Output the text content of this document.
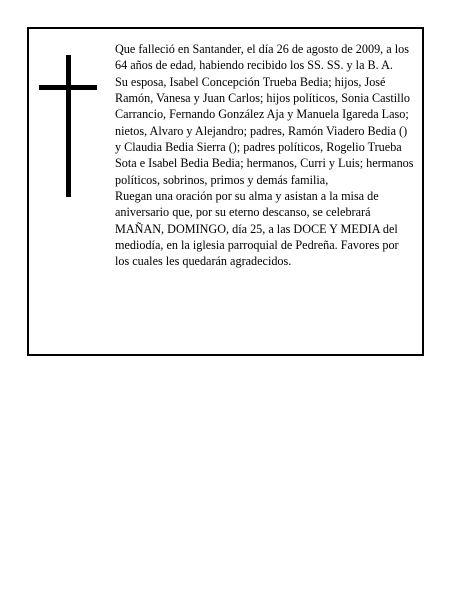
Que falleció en Santander, el día 26 de agosto de 2009, a los 64 años de edad, habiendo recibido los SS. SS. y la B. A.

Su esposa, Isabel Concepción Trueba Bedia; hijos, José Ramón, Vanesa y Juan Carlos; hijos políticos, Sonia Castillo Carrancio, Fernando González Aja y Manuela Igareda Laso; nietos, Alvaro y Alejandro; padres, Ramón Viadero Bedia () y Claudia Bedia Sierra (); padres políticos, Rogelio Trueba Sota e Isabel Bedia Bedia; hermanos, Curri y Luis; hermanos políticos, sobrinos, primos y demás familia,

Ruegan una oración por su alma y asistan a la misa de aniversario que, por su eterno descanso, se celebrará MAÑAN, DOMINGO, día 25, a las DOCE Y MEDIA del mediodía, en la iglesia parroquial de Pedreña. Favores por los cuales les quedarán agradecidos.
